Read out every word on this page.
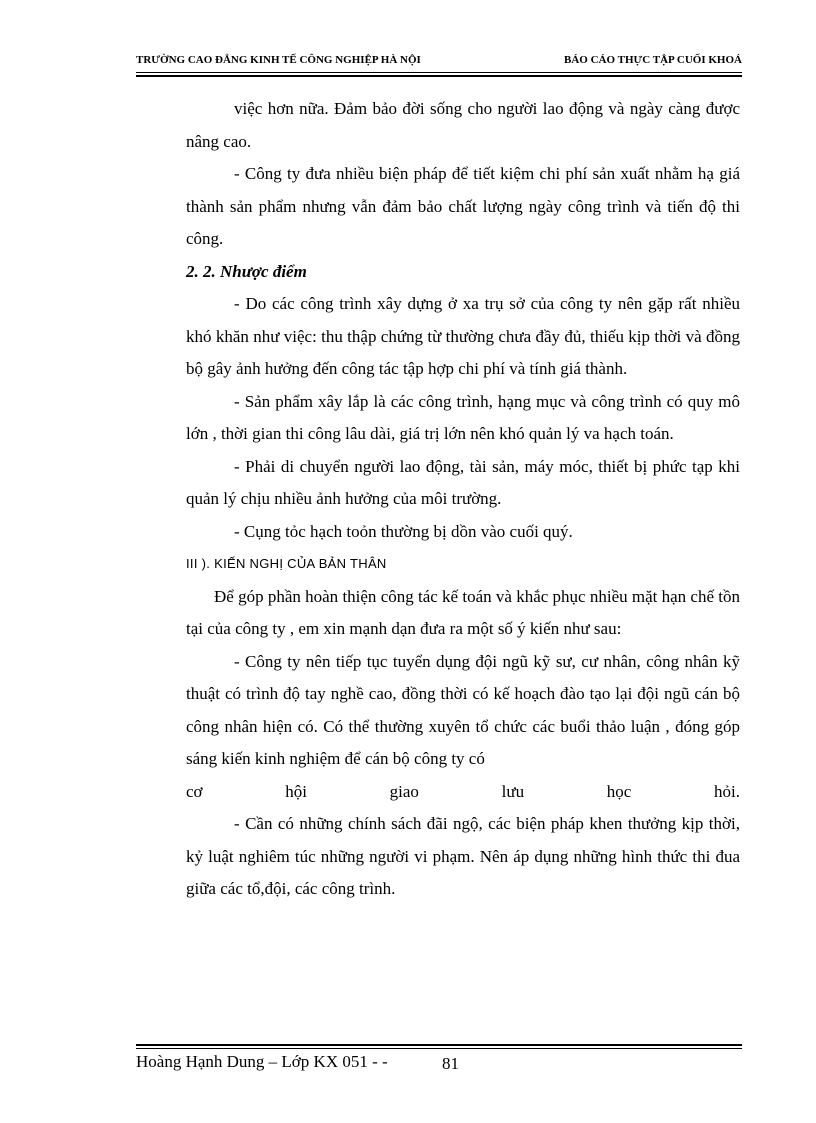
TRƯỜNG CAO ĐẲNG KINH TẾ CÔNG NGHIỆP HÀ NỘI	BÁO CÁO THỰC TẬP CUỐI KHOÁ

việc hơn nữa. Đảm bảo đời sống cho người lao động và ngày càng được nâng cao.

- Công ty đưa nhiều biện pháp để tiết kiệm chi phí sản xuất nhằm hạ giá thành sản phẩm nhưng vẫn đảm bảo chất lượng ngày công trình và tiến độ thi công.

2. 2. Nhược điểm

- Do các công trình xây dựng ở xa trụ sở của công ty nên gặp rất nhiều khó khăn như việc: thu thập chứng từ thường chưa đầy đủ, thiếu kịp thời và đồng bộ gây ảnh hưởng đến công tác tập hợp chi phí và tính giá thành.

- Sản phẩm xây lắp là các công trình, hạng mục và công trình có quy mô lớn , thời gian thi công lâu dài, giá trị lớn nên khó quản lý va hạch toán.

- Phải di chuyển người lao động, tài sản, máy móc, thiết bị phức tạp khi quản lý chịu nhiều ảnh hưởng của môi trường.

- Cụng tỏc hạch toỏn thường bị dồn vào cuối quý.

III ). KIẾN NGHỊ CỦA BẢN THÂN

Để góp phần hoàn thiện công tác kế toán và khắc phục nhiều mặt hạn chế tồn tại của công ty , em xin mạnh dạn đưa ra một số ý kiến như sau:

- Công ty nên tiếp tục tuyển dụng đội ngũ kỹ sư, cư nhân, công nhân kỹ thuật có trình độ tay nghề cao, đồng thời có kế hoạch đào tạo lại đội ngũ cán bộ công nhân hiện có. Có thể thường xuyên tổ chức các buổi thảo luận , đóng góp sáng kiến kinh nghiệm để cán bộ công ty có

cơ hội giao lưu học hỏi.

- Cần có những chính sách đãi ngộ, các biện pháp khen thưởng kịp thời, kỷ luật nghiêm túc những người vi phạm. Nên áp dụng những hình thức thi đua giữa các tổ,đội, các công trình.

Hoàng Hạnh Dung – Lớp KX 051 - -	81
